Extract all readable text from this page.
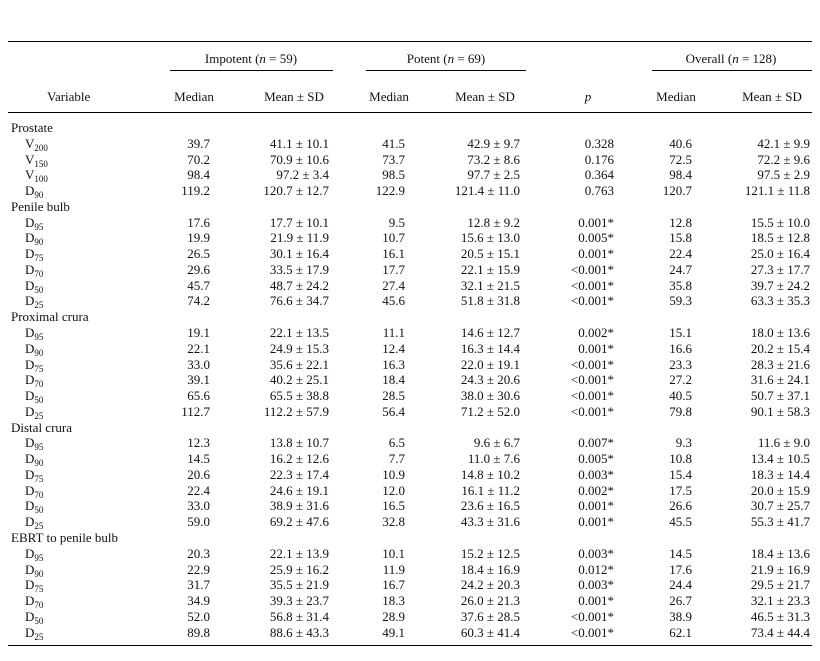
Impotent (n = 59)	Potent (n = 69)	Overall (n = 128)
Variable	Median	Mean ± SD	Median	Mean ± SD	p	Median	Mean ± SD
Prostate
$V_{200}$	39.7	41.1 ± 10.1	41.5	42.9 ± 9.7	0.328	40.6	42.1 ± 9.9
$V_{150}$	70.2	70.9 ± 10.6	73.7	73.2 ± 8.6	0.176	72.5	72.2 ± 9.6
$V_{100}$	98.4	97.2 ± 3.4	98.5	97.7 ± 2.5	0.364	98.4	97.5 ± 2.9
$D_{90}$	119.2	120.7 ± 12.7	122.9	121.4 ± 11.0	0.763	120.7	121.1 ± 11.8
Penile bulb
$D_{95}$	17.6	17.7 ± 10.1	9.5	12.8 ± 9.2	0.001*	12.8	15.5 ± 10.0
$D_{90}$	19.9	21.9 ± 11.9	10.7	15.6 ± 13.0	0.005*	15.8	18.5 ± 12.8
$D_{75}$	26.5	30.1 ± 16.4	16.1	20.5 ± 15.1	0.001*	22.4	25.0 ± 16.4
$D_{70}$	29.6	33.5 ± 17.9	17.7	22.1 ± 15.9	<0.001*	24.7	27.3 ± 17.7
$D_{50}$	45.7	48.7 ± 24.2	27.4	32.1 ± 21.5	<0.001*	35.8	39.7 ± 24.2
$D_{25}$	74.2	76.6 ± 34.7	45.6	51.8 ± 31.8	<0.001*	59.3	63.3 ± 35.3
Proximal crura
$D_{95}$	19.1	22.1 ± 13.5	11.1	14.6 ± 12.7	0.002*	15.1	18.0 ± 13.6
$D_{90}$	22.1	24.9 ± 15.3	12.4	16.3 ± 14.4	0.001*	16.6	20.2 ± 15.4
$D_{75}$	33.0	35.6 ± 22.1	16.3	22.0 ± 19.1	<0.001*	23.3	28.3 ± 21.6
$D_{70}$	39.1	40.2 ± 25.1	18.4	24.3 ± 20.6	<0.001*	27.2	31.6 ± 24.1
$D_{50}$	65.6	65.5 ± 38.8	28.5	38.0 ± 30.6	<0.001*	40.5	50.7 ± 37.1
$D_{25}$	112.7	112.2 ± 57.9	56.4	71.2 ± 52.0	<0.001*	79.8	90.1 ± 58.3
Distal crura
$D_{95}$	12.3	13.8 ± 10.7	6.5	9.6 ± 6.7	0.007*	9.3	11.6 ± 9.0
$D_{90}$	14.5	16.2 ± 12.6	7.7	11.0 ± 7.6	0.005*	10.8	13.4 ± 10.5
$D_{75}$	20.6	22.3 ± 17.4	10.9	14.8 ± 10.2	0.003*	15.4	18.3 ± 14.4
$D_{70}$	22.4	24.6 ± 19.1	12.0	16.1 ± 11.2	0.002*	17.5	20.0 ± 15.9
$D_{50}$	33.0	38.9 ± 31.6	16.5	23.6 ± 16.5	0.001*	26.6	30.7 ± 25.7
$D_{25}$	59.0	69.2 ± 47.6	32.8	43.3 ± 31.6	0.001*	45.5	55.3 ± 41.7
EBRT to penile bulb
$D_{95}$	20.3	22.1 ± 13.9	10.1	15.2 ± 12.5	0.003*	14.5	18.4 ± 13.6
$D_{90}$	22.9	25.9 ± 16.2	11.9	18.4 ± 16.9	0.012*	17.6	21.9 ± 16.9
$D_{75}$	31.7	35.5 ± 21.9	16.7	24.2 ± 20.3	0.003*	24.4	29.5 ± 21.7
$D_{70}$	34.9	39.3 ± 23.7	18.3	26.0 ± 21.3	0.001*	26.7	32.1 ± 23.3
$D_{50}$	52.0	56.8 ± 31.4	28.9	37.6 ± 28.5	<0.001*	38.9	46.5 ± 31.3
$D_{25}$	89.8	88.6 ± 43.3	49.1	60.3 ± 41.4	<0.001*	62.1	73.4 ± 44.4
